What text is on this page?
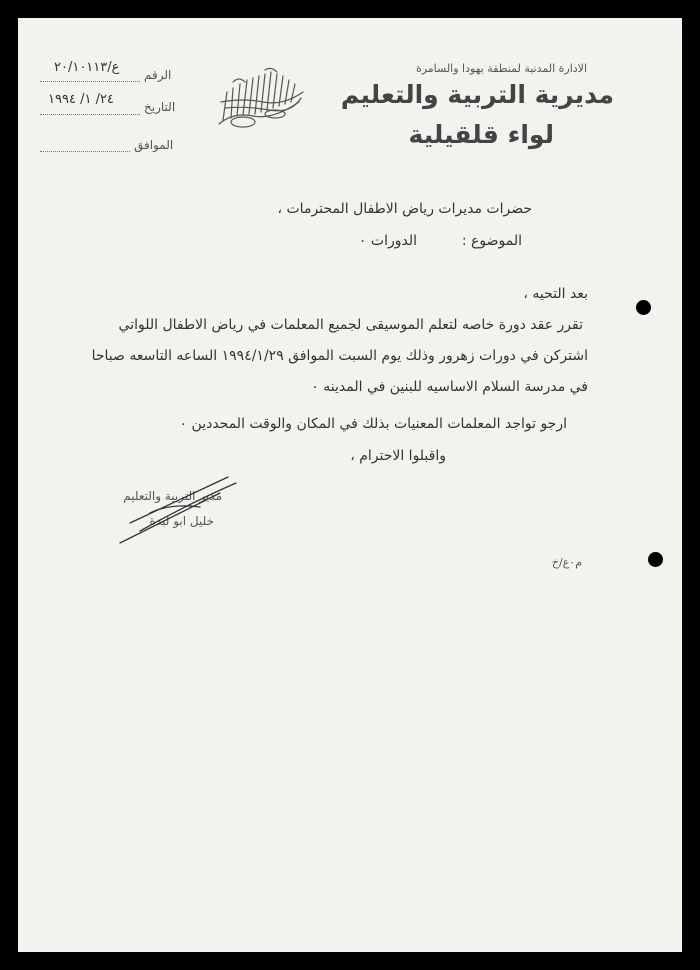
الادارة المدنية لمنطقة يهودا والسامرة
مديرية التربية والتعليم
لواء قلقيلية
الرقم
ع/٢٠/١٠١١٣
التاريخ
٢٤/ ١/ ١٩٩٤
الموافق
حضرات مديرات رياض الاطفال المحترمات ،
الموضوع :
الدورات ٠
بعد التحيه ،
تقرر عقد دورة خاصه لتعلم الموسيقى لجميع المعلمات في رياض الاطفال اللواتي
اشتركن في دورات زهرور وذلك يوم السبت الموافق ١٩٩٤/١/٢٩ الساعه التاسعه صباحا
في مدرسة السلام الاساسيه للبنين في المدينه ٠
ارجو تواجد المعلمات المعنيات بذلك في المكان والوقت المحددين ٠
واقبلوا الاحترام ،
مدير التربية والتعليم
خليل ابو لبدة
م٠ع/خ
